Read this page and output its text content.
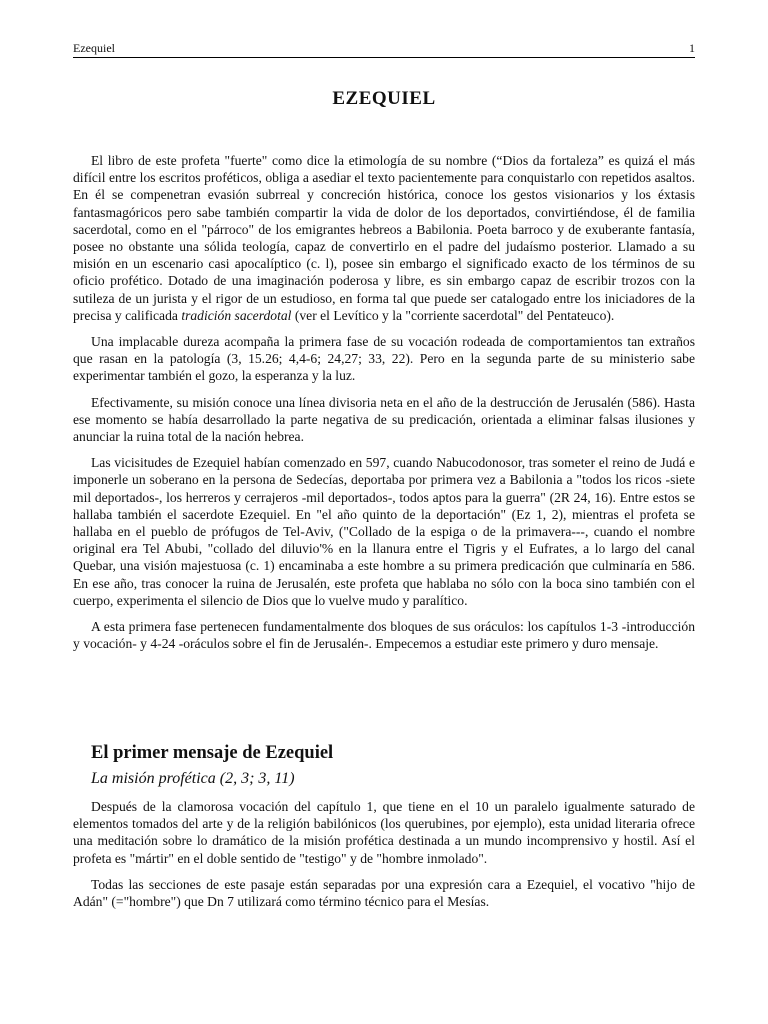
Ezequiel	1
EZEQUIEL

El libro de este profeta "fuerte" como dice la etimología de su nombre (“Dios da fortaleza” es quizá el más difícil entre los escritos proféticos, obliga a asediar el texto pacientemente para conquistarlo con repetidos asaltos. En él se compenetran evasión subrreal y concreción histórica, conoce los gestos visionarios y los éxtasis fantasmagóricos pero sabe también compartir la vida de dolor de los deportados, convirtiéndose, él de familia sacerdotal, como en el "párroco" de los emigrantes hebreos a Babilonia. Poeta barroco y de exuberante fantasía, posee no obstante una sólida teología, capaz de convertirlo en el padre del judaísmo posterior. Llamado a su misión en un escenario casi apocalíptico (c. l), posee sin embargo el significado exacto de los términos de su oficio profético. Dotado de una imaginación poderosa y libre, es sin embargo capaz de escribir trozos con la sutileza de un jurista y el rigor de un estudioso, en forma tal que puede ser catalogado entre los iniciadores de la precisa y calificada tradición sacerdotal (ver el Levítico y la "corriente sacerdotal" del Pentateuco).

Una implacable dureza acompaña la primera fase de su vocación rodeada de comportamientos tan extraños que rasan en la patología (3, 15.26; 4,4-6; 24,27; 33, 22). Pero en la segunda parte de su ministerio sabe experimentar también el gozo, la esperanza y la luz.

Efectivamente, su misión conoce una línea divisoria neta en el año de la destrucción de Jerusalén (586). Hasta ese momento se había desarrollado la parte negativa de su predicación, orientada a eliminar falsas ilusiones y anunciar la ruina total de la nación hebrea.

Las vicisitudes de Ezequiel habían comenzado en 597, cuando Nabucodonosor, tras someter el reino de Judá e imponerle un soberano en la persona de Sedecías, deportaba por primera vez a Babilonia a "todos los ricos -siete mil deportados-, los herreros y cerrajeros -mil deportados-, todos aptos para la guerra" (2R 24, 16). Entre estos se hallaba también el sacerdote Ezequiel. En "el año quinto de la deportación" (Ez 1, 2), mientras el profeta se hallaba en el pueblo de prófugos de Tel-Aviv, ("Collado de la espiga o de la primavera---, cuando el nombre original era Tel Abubi, "collado del diluvio'% en la llanura entre el Tigris y el Eufrates, a lo largo del canal Quebar, una visión majestuosa (c. 1) encaminaba a este hombre a su primera predicación que culminaría en 586. En ese año, tras conocer la ruina de Jerusalén, este profeta que hablaba no sólo con la boca sino también con el cuerpo, experimenta el silencio de Dios que lo vuelve mudo y paralítico.

A esta primera fase pertenecen fundamentalmente dos bloques de sus oráculos: los capítulos 1-3 -introducción y vocación- y 4-24 -oráculos sobre el fin de Jerusalén-. Empecemos a estudiar este primero y duro mensaje.

El primer mensaje de Ezequiel
La misión profética (2, 3; 3, 11)

Después de la clamorosa vocación del capítulo 1, que tiene en el 10 un paralelo igualmente saturado de elementos tomados del arte y de la religión babilónicos (los querubines, por ejemplo), esta unidad literaria ofrece una meditación sobre lo dramático de la misión profética destinada a un mundo incomprensivo y hostil. Así el profeta es "mártir" en el doble sentido de "testigo" y de "hombre inmolado".

Todas las secciones de este pasaje están separadas por una expresión cara a Ezequiel, el vocativo "hijo de Adán" (="hombre") que Dn 7 utilizará como término técnico para el Mesías.
